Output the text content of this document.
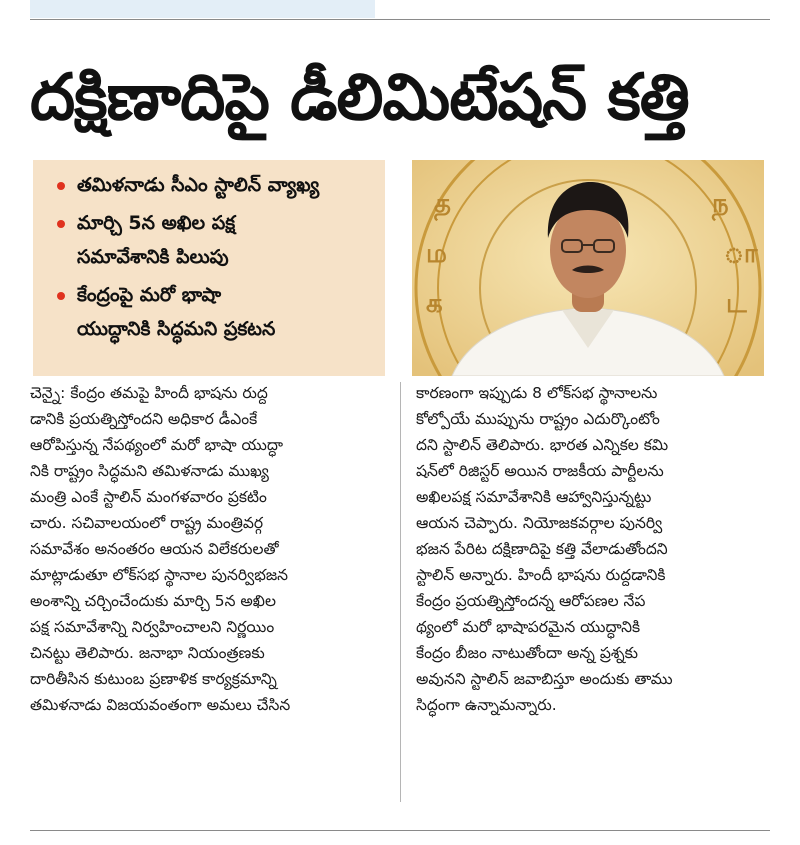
దక్షిణాదిపై డీలిమిటేషన్ కత్తి
తమిళనాడు సీఎం స్టాలిన్ వ్యాఖ్య
మార్చి 5న అఖిల పక్ష
సమావేశానికి పిలుపు
కేంద్రంపై మరో భాషా
యుద్ధానికి సిద్ధమని ప్రకటన
த
ம
க
ந
ா
ட
చెన్నై: కేంద్రం తమపై హిందీ భాషను రుద్ద
డానికి ప్రయత్నిస్తోందని అధికార డీఎంకే
ఆరోపిస్తున్న నేపథ్యంలో మరో భాషా యుద్ధా
నికి రాష్ట్రం సిద్ధమని తమిళనాడు ముఖ్య
మంత్రి ఎంకే స్టాలిన్ మంగళవారం ప్రకటిం
చారు. సచివాలయంలో రాష్ట్ర మంత్రివర్గ
సమావేశం అనంతరం ఆయన విలేకరులతో
మాట్లాడుతూ లోక్‌సభ స్థానాల పునర్విభజన
అంశాన్ని చర్చించేందుకు మార్చి 5న అఖిల
పక్ష సమావేశాన్ని నిర్వహించాలని నిర్ణయిం
చినట్టు తెలిపారు. జనాభా నియంత్రణకు
దారితీసిన కుటుంబ ప్రణాళిక కార్యక్రమాన్ని
తమిళనాడు విజయవంతంగా అమలు చేసిన
కారణంగా ఇప్పుడు 8 లోక్‌సభ స్థానాలను
కోల్పోయే ముప్పును రాష్ట్రం ఎదుర్కొంటోం
దని స్టాలిన్ తెలిపారు. భారత ఎన్నికల కమి
షన్‌లో రిజిస్టర్ అయిన రాజకీయ పార్టీలను
అఖిలపక్ష సమావేశానికి ఆహ్వానిస్తున్నట్టు
ఆయన చెప్పారు. నియోజకవర్గాల పునర్వి
భజన పేరిట దక్షిణాదిపై కత్తి వేలాడుతోందని
స్టాలిన్ అన్నారు. హిందీ భాషను రుద్దడానికి
కేంద్రం ప్రయత్నిస్తోందన్న ఆరోపణల నేప
థ్యంలో మరో భాషాపరమైన యుద్ధానికి
కేంద్రం బీజం నాటుతోందా అన్న ప్రశ్నకు
అవునని స్టాలిన్ జవాబిస్తూ అందుకు తాము
సిద్ధంగా ఉన్నామన్నారు.
